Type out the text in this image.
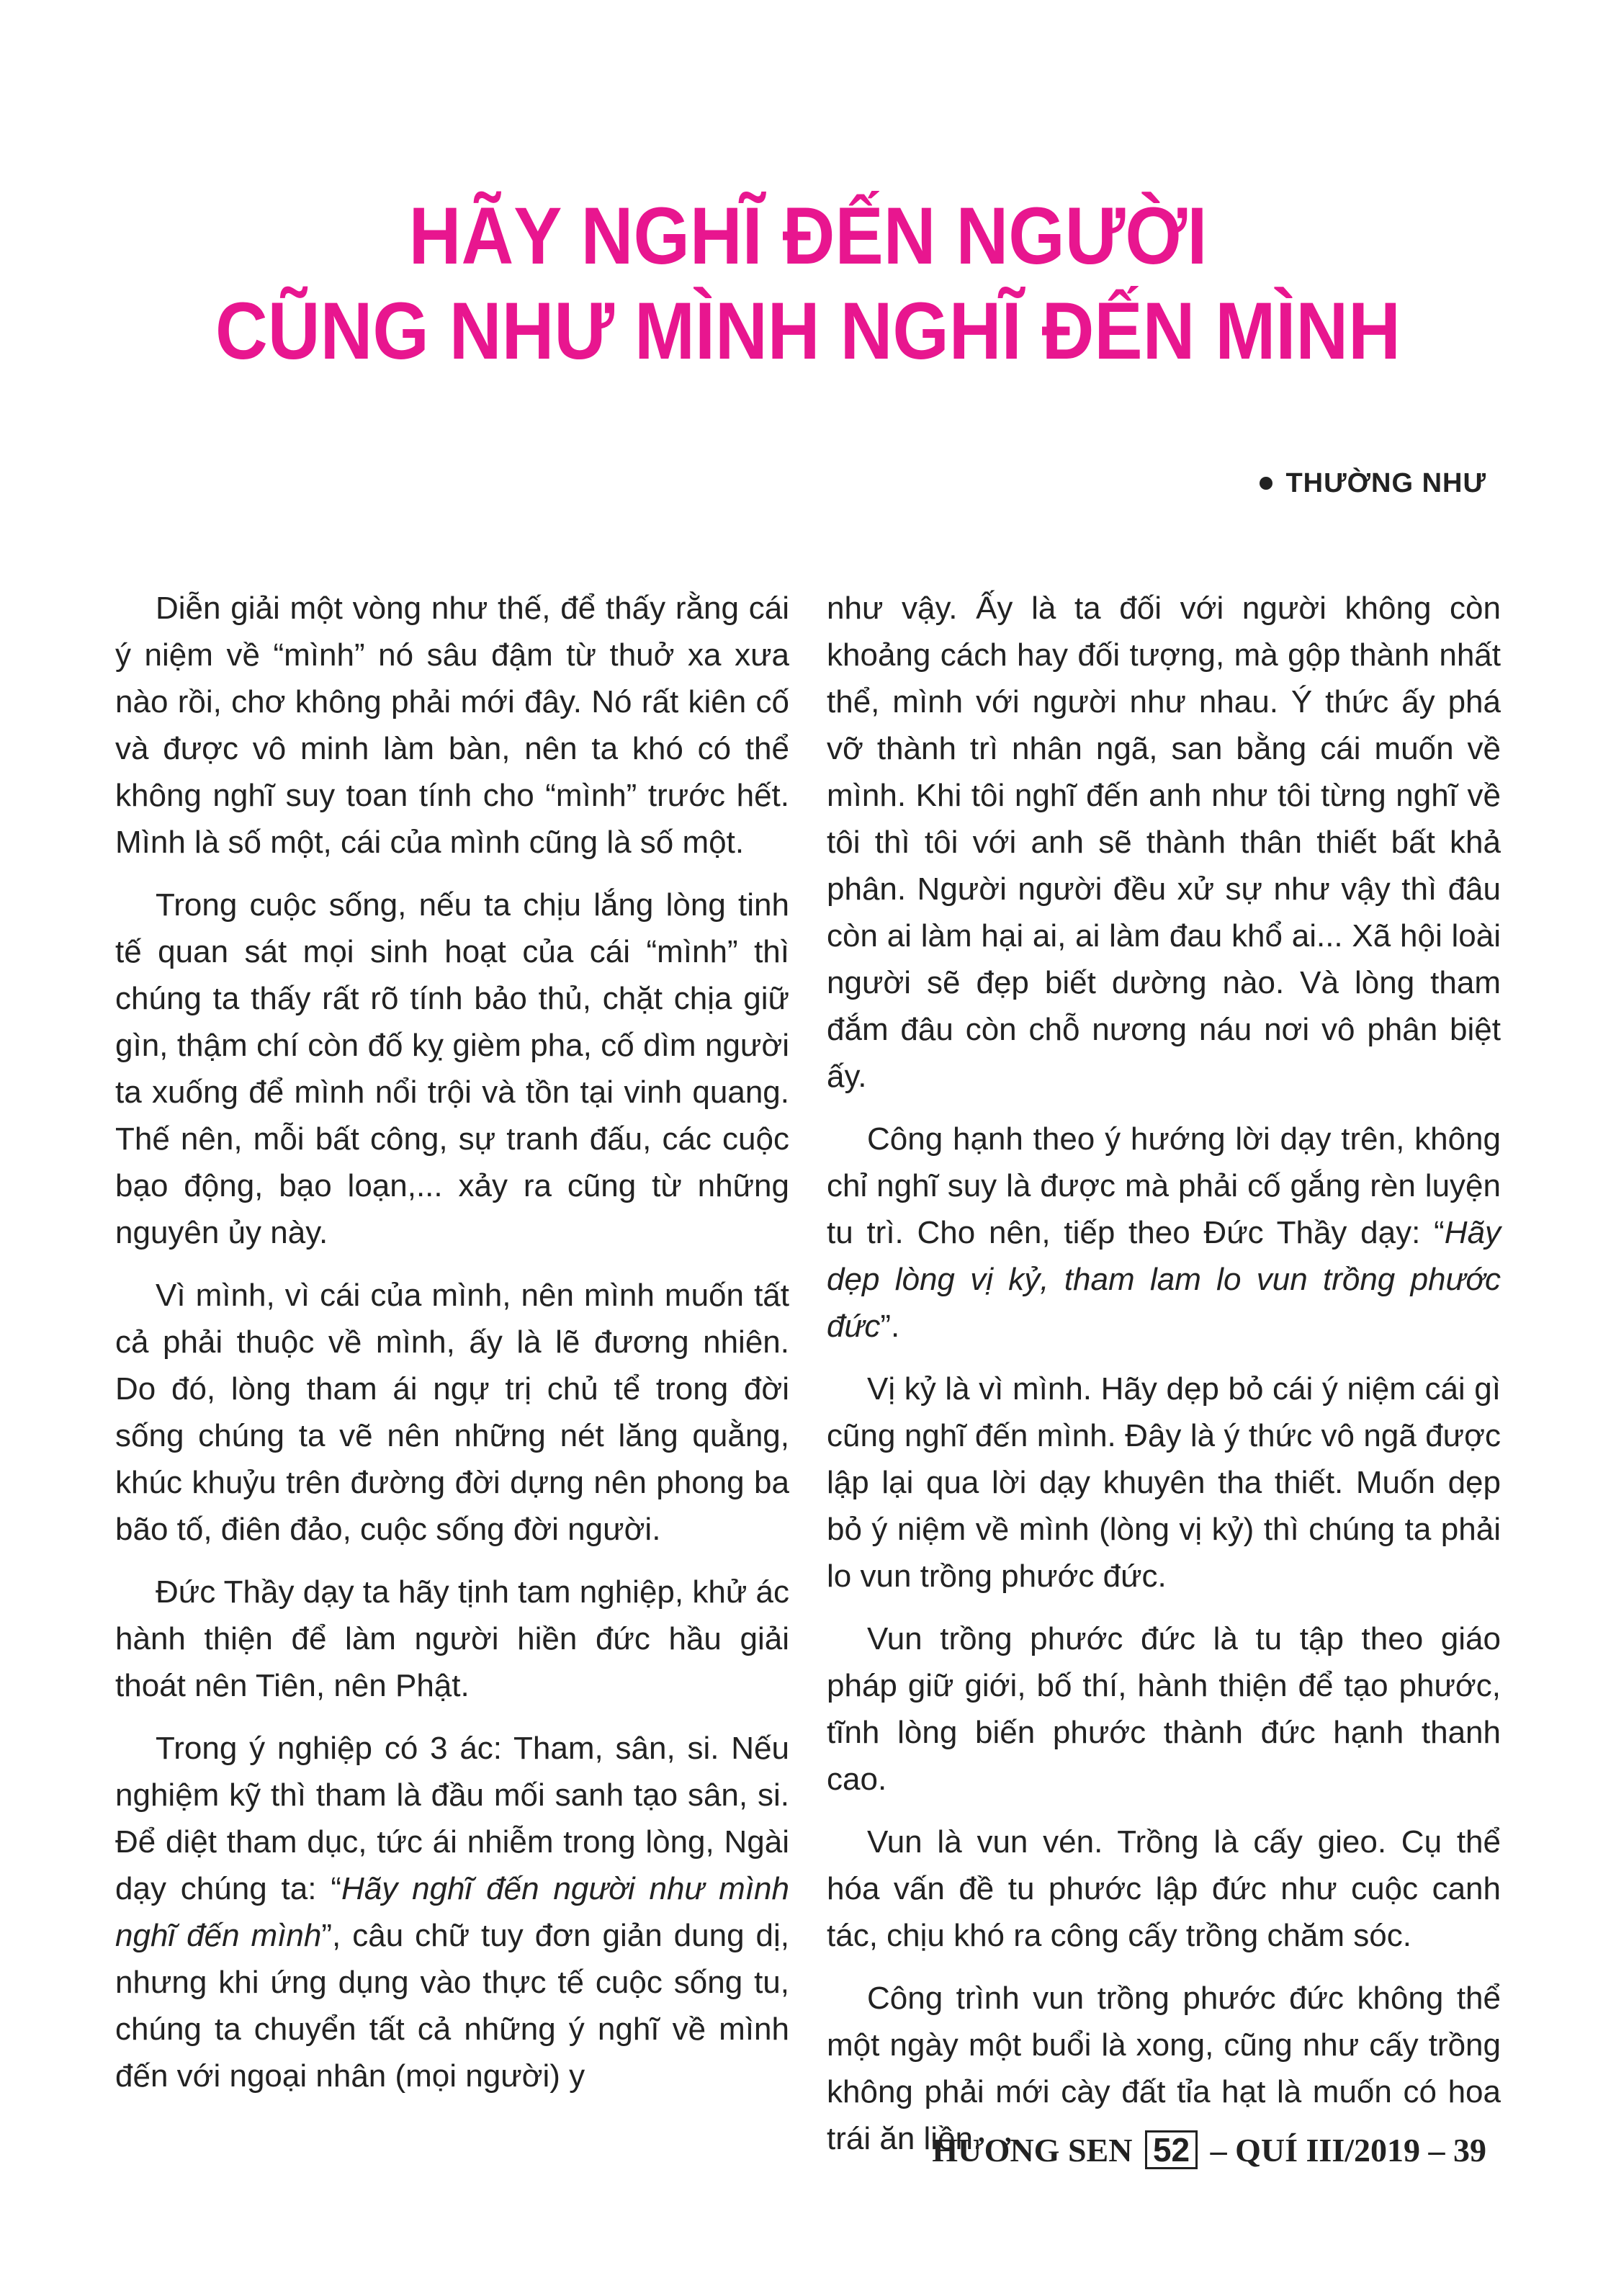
HÃY NGHĨ ĐẾN NGƯỜI
CŨNG NHƯ MÌNH NGHĨ ĐẾN MÌNH
THƯỜNG NHƯ

Diễn giải một vòng như thế, để thấy rằng cái ý niệm về “mình” nó sâu đậm từ thuở xa xưa nào rồi, chơ không phải mới đây. Nó rất kiên cố và được vô minh làm bàn, nên ta khó có thể không nghĩ suy toan tính cho “mình” trước hết. Mình là số một, cái của mình cũng là số một.

Trong cuộc sống, nếu ta chịu lắng lòng tinh tế quan sát mọi sinh hoạt của cái “mình” thì chúng ta thấy rất rõ tính bảo thủ, chặt chịa giữ gìn, thậm chí còn đố kỵ gièm pha, cố dìm người ta xuống để mình nổi trội và tồn tại vinh quang. Thế nên, mỗi bất công, sự tranh đấu, các cuộc bạo động, bạo loạn,... xảy ra cũng từ những nguyên ủy này.

Vì mình, vì cái của mình, nên mình muốn tất cả phải thuộc về mình, ấy là lẽ đương nhiên. Do đó, lòng tham ái ngự trị chủ tể trong đời sống chúng ta vẽ nên những nét lăng quằng, khúc khuỷu trên đường đời dựng nên phong ba bão tố, điên đảo, cuộc sống đời người.

Đức Thầy dạy ta hãy tịnh tam nghiệp, khử ác hành thiện để làm người hiền đức hầu giải thoát nên Tiên, nên Phật.

Trong ý nghiệp có 3 ác: Tham, sân, si. Nếu nghiệm kỹ thì tham là đầu mối sanh tạo sân, si. Để diệt tham dục, tức ái nhiễm trong lòng, Ngài dạy chúng ta: “Hãy nghĩ đến người như mình nghĩ đến mình”, câu chữ tuy đơn giản dung dị, nhưng khi ứng dụng vào thực tế cuộc sống tu, chúng ta chuyển tất cả những ý nghĩ về mình đến với ngoại nhân (mọi người) y

như vậy. Ấy là ta đối với người không còn khoảng cách hay đối tượng, mà gộp thành nhất thể, mình với người như nhau. Ý thức ấy phá vỡ thành trì nhân ngã, san bằng cái muốn về mình. Khi tôi nghĩ đến anh như tôi từng nghĩ về tôi thì tôi với anh sẽ thành thân thiết bất khả phân. Người người đều xử sự như vậy thì đâu còn ai làm hại ai, ai làm đau khổ ai... Xã hội loài người sẽ đẹp biết dường nào. Và lòng tham đắm đâu còn chỗ nương náu nơi vô phân biệt ấy.

Công hạnh theo ý hướng lời dạy trên, không chỉ nghĩ suy là được mà phải cố gắng rèn luyện tu trì. Cho nên, tiếp theo Đức Thầy dạy: “Hãy dẹp lòng vị kỷ, tham lam lo vun trồng phước đức”.

Vị kỷ là vì mình. Hãy dẹp bỏ cái ý niệm cái gì cũng nghĩ đến mình. Đây là ý thức vô ngã được lập lại qua lời dạy khuyên tha thiết. Muốn dẹp bỏ ý niệm về mình (lòng vị kỷ) thì chúng ta phải lo vun trồng phước đức.

Vun trồng phước đức là tu tập theo giáo pháp giữ giới, bố thí, hành thiện để tạo phước, tĩnh lòng biến phước thành đức hạnh thanh cao.

Vun là vun vén. Trồng là cấy gieo. Cụ thể hóa vấn đề tu phước lập đức như cuộc canh tác, chịu khó ra công cấy trồng chăm sóc.

Công trình vun trồng phước đức không thể một ngày một buổi là xong, cũng như cấy trồng không phải mới cày đất tỉa hạt là muốn có hoa trái ăn liền.

HƯƠNG SEN 52 – QUÍ III/2019 – 39
